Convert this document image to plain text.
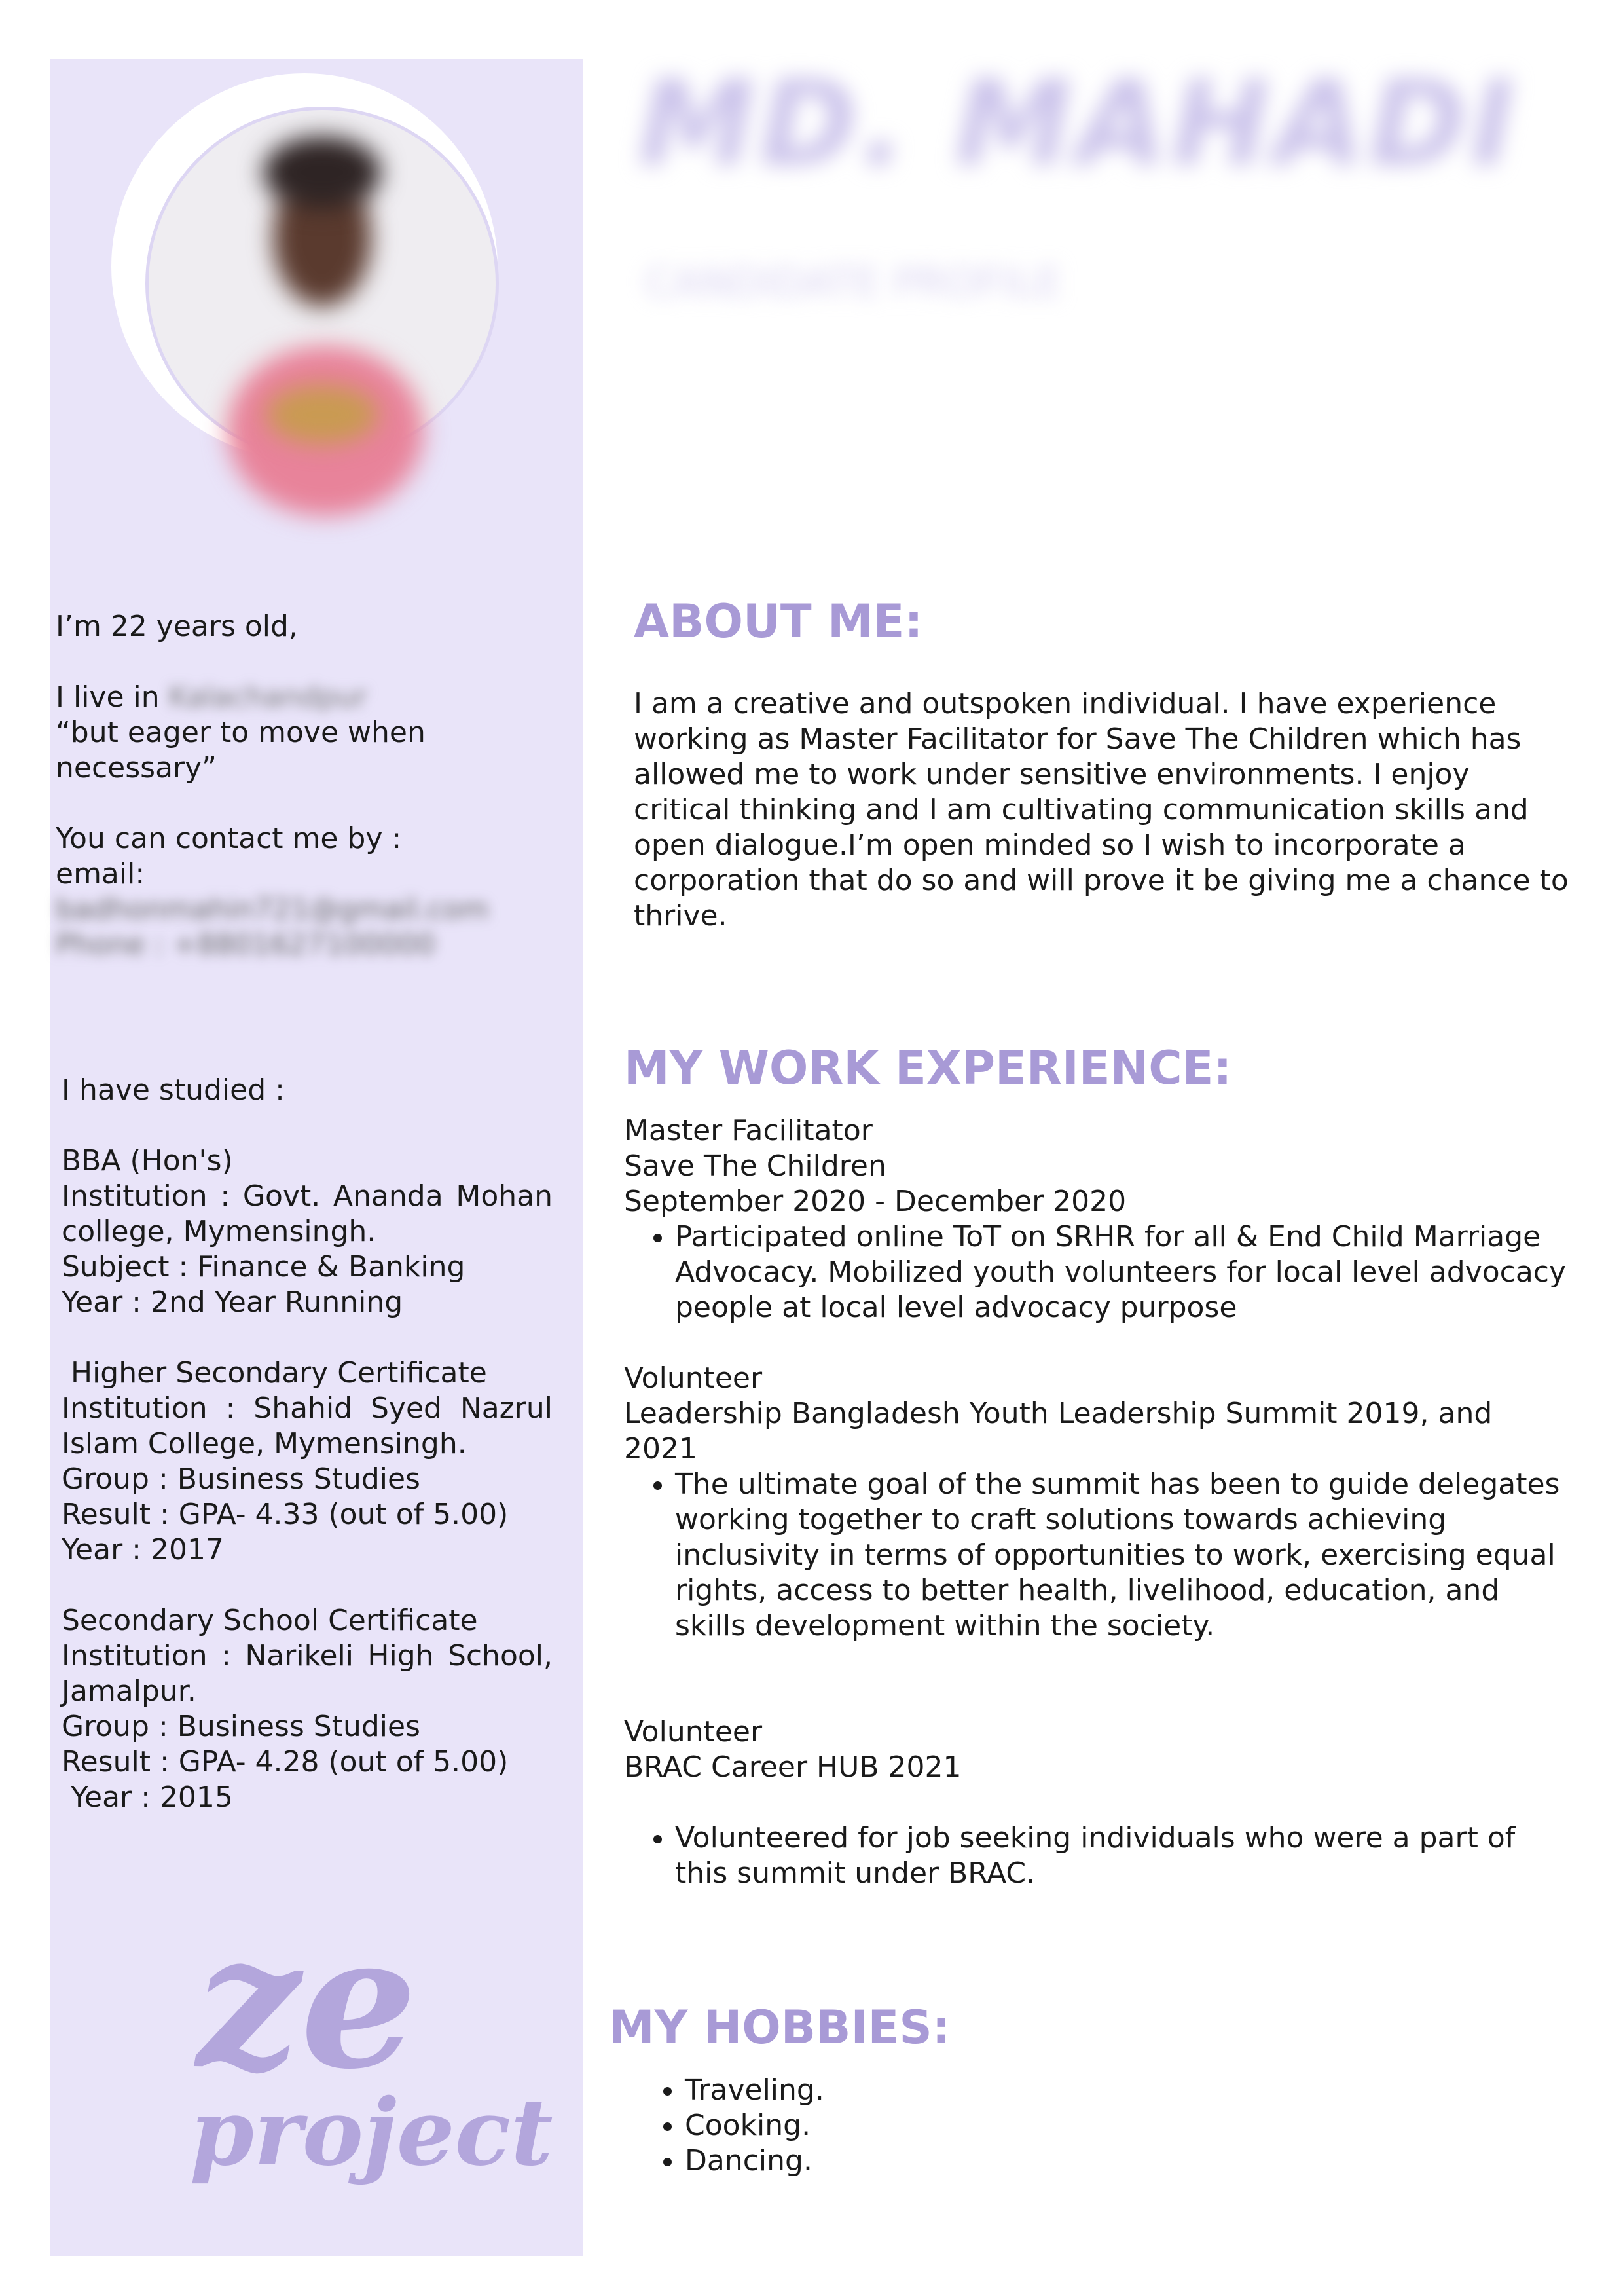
MD. MAHADI
CANDIDATE PROFILE

I’m 22 years old,

I live in Kalachandpur

“but eager to move when necessary”

You can contact me by :

email:

badhonmahin721@gmail.com

Phone : +8801627100000

I have studied :

BBA (Hon's)

Institution : Govt. Ananda Mohan college, Mymensingh.

Subject : Finance & Banking

Year : 2nd Year Running

Higher Secondary Certificate

Institution : Shahid Syed Nazrul Islam College, Mymensingh.

Group : Business Studies

Result : GPA- 4.33 (out of 5.00)

Year : 2017

Secondary School Certificate

Institution : Narikeli High School, Jamalpur.

Group : Business Studies

Result : GPA- 4.28 (out of 5.00)

Year : 2015

ze
project
ABOUT ME:

I am a creative and outspoken individual. I have experience working as Master Facilitator for Save The Children which has allowed me to work under sensitive environments. I enjoy critical thinking and I am cultivating communication skills and open dialogue.I’m open minded so I wish to incorporate a corporation that do so and will prove it be giving me a chance to thrive.

MY WORK EXPERIENCE:

Master Facilitator

Save The Children

September 2020 - December 2020

• Participated online ToT on SRHR for all & End Child Marriage Advocacy. Mobilized youth volunteers for local level advocacy people at local level advocacy purpose

Volunteer

Leadership Bangladesh Youth Leadership Summit 2019, and 2021

• The ultimate goal of the summit has been to guide delegates working together to craft solutions towards achieving inclusivity in terms of opportunities to work, exercising equal rights, access to better health, livelihood, education, and skills development within the society.

Volunteer

BRAC Career HUB 2021

• Volunteered for job seeking individuals who were a part of this summit under BRAC.
MY HOBBIES:
• Traveling.
• Cooking.
• Dancing.
